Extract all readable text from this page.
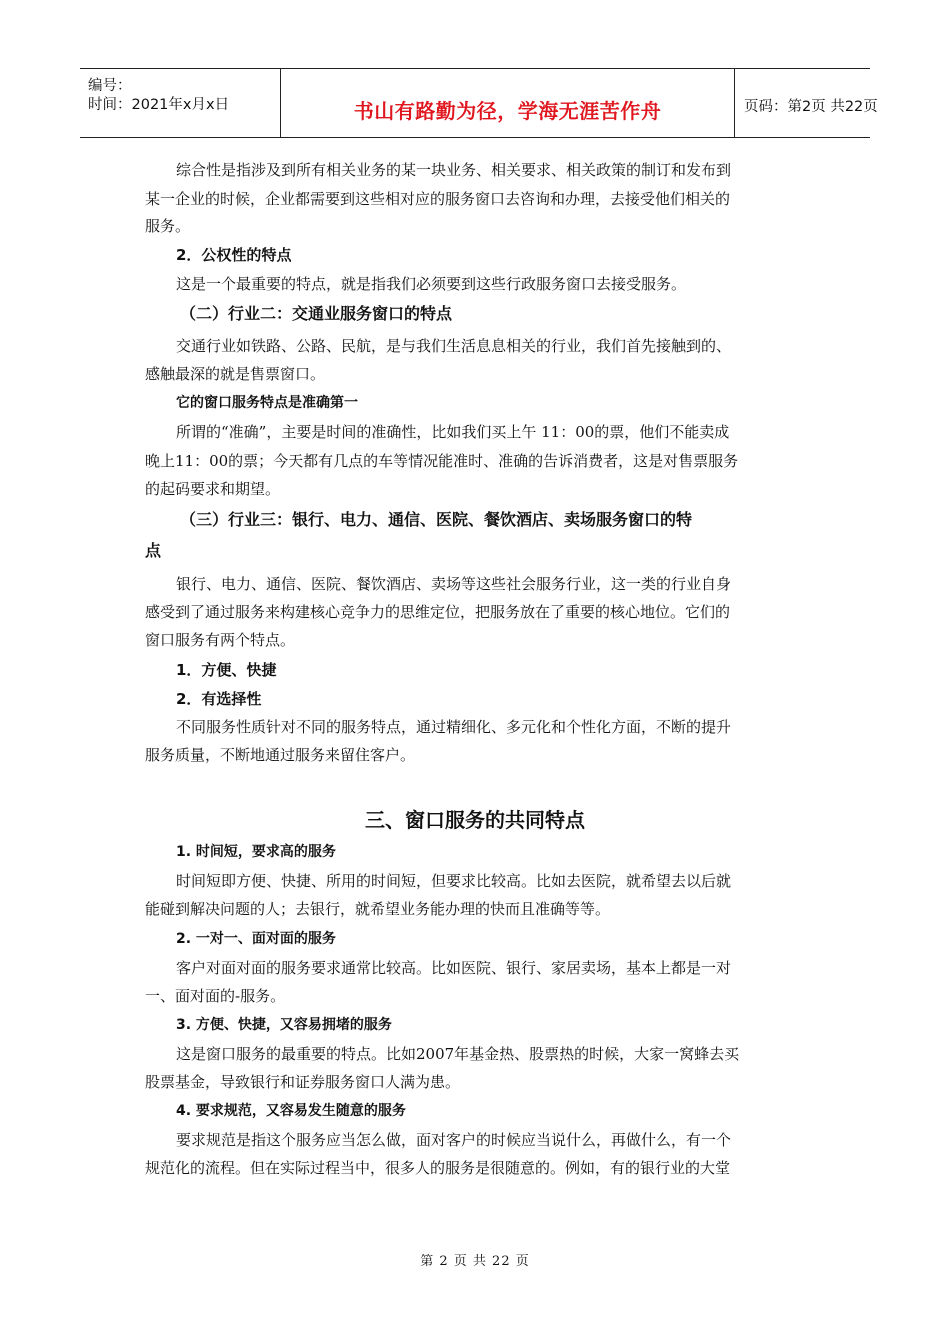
编号：
时间：2021年x月x日	书山有路勤为径，学海无涯苦作舟	页码：第2页 共22页
综合性是指涉及到所有相关业务的某一块业务、相关要求、相关政策的制订和发布到
某一企业的时候，企业都需要到这些相对应的服务窗口去咨询和办理，去接受他们相关的
服务。
2．公权性的特点
这是一个最重要的特点，就是指我们必须要到这些行政服务窗口去接受服务。
（二）行业二：交通业服务窗口的特点
交通行业如铁路、公路、民航，是与我们生活息息相关的行业，我们首先接触到的、
感触最深的就是售票窗口。
它的窗口服务特点是准确第一
所谓的“准确”，主要是时间的准确性，比如我们买上午 11：00的票，他们不能卖成
晚上11：00的票；今天都有几点的车等情况能准时、准确的告诉消费者，这是对售票服务
的起码要求和期望。
（三）行业三：银行、电力、通信、医院、餐饮酒店、卖场服务窗口的特
点
银行、电力、通信、医院、餐饮酒店、卖场等这些社会服务行业，这一类的行业自身
感受到了通过服务来构建核心竞争力的思维定位，把服务放在了重要的核心地位。它们的
窗口服务有两个特点。
1．方便、快捷
2．有选择性
不同服务性质针对不同的服务特点，通过精细化、多元化和个性化方面，不断的提升
服务质量，不断地通过服务来留住客户。
三、窗口服务的共同特点
1. 时间短，要求高的服务
时间短即方便、快捷、所用的时间短，但要求比较高。比如去医院，就希望去以后就
能碰到解决问题的人；去银行，就希望业务能办理的快而且准确等等。
2. 一对一、面对面的服务
客户对面对面的服务要求通常比较高。比如医院、银行、家居卖场，基本上都是一对
一、面对面的-服务。
3. 方便、快捷，又容易拥堵的服务
这是窗口服务的最重要的特点。比如2007年基金热、股票热的时候，大家一窝蜂去买
股票基金，导致银行和证券服务窗口人满为患。
4. 要求规范，又容易发生随意的服务
要求规范是指这个服务应当怎么做，面对客户的时候应当说什么，再做什么，有一个
规范化的流程。但在实际过程当中，很多人的服务是很随意的。例如，有的银行业的大堂
第 2 页 共 22 页
